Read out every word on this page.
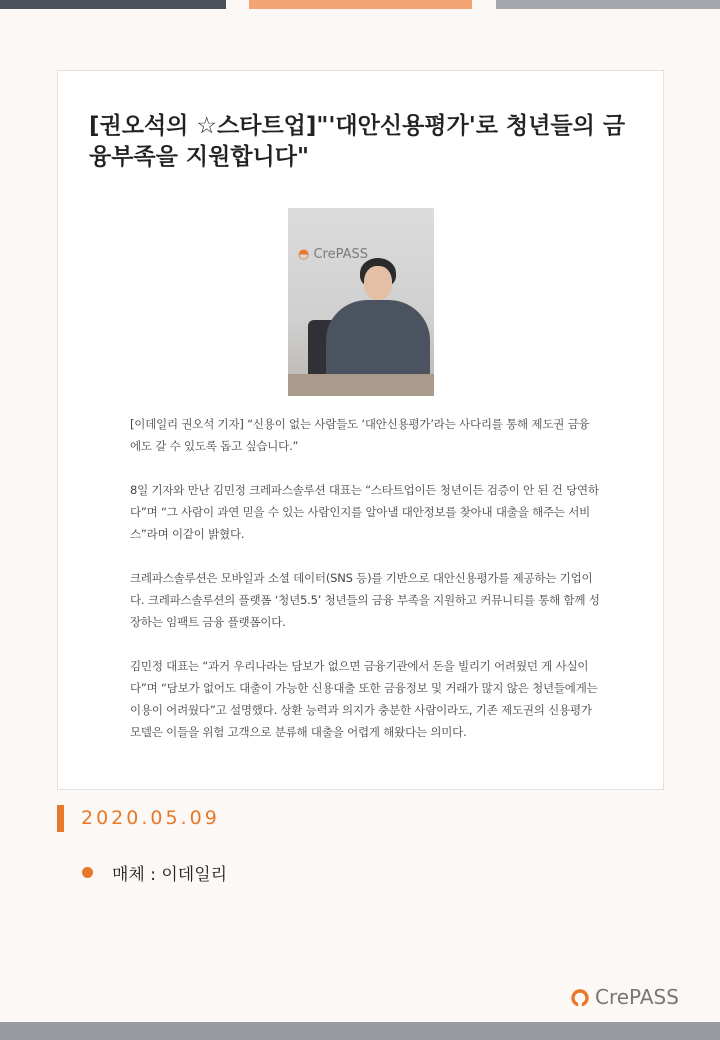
[권오석의 ☆스타트업]"'대안신용평가'로 청년들의 금융부족을 지원합니다"
◓ CrePASS

[이데일리 권오석 기자] “신용이 없는 사람들도 ‘대안신용평가’라는 사다리를 통해 제도권 금융에도 갈 수 있도록 돕고 싶습니다.”

8일 기자와 만난 김민정 크레파스솔루션 대표는 “스타트업이든 청년이든 검증이 안 된 건 당연하다”며 “그 사람이 과연 믿을 수 있는 사람인지를 알아낼 대안정보를 찾아내 대출을 해주는 서비스”라며 이같이 밝혔다.

크레파스솔루션은 모바일과 소셜 데이터(SNS 등)를 기반으로 대안신용평가를 제공하는 기업이다. 크레파스솔루션의 플랫폼 ‘청년5.5’ 청년들의 금융 부족을 지원하고 커뮤니티를 통해 함께 성장하는 임팩트 금융 플랫폼이다.

김민정 대표는 “과거 우리나라는 담보가 없으면 금융기관에서 돈을 빌리기 어려웠던 게 사실이다”며 “담보가 없어도 대출이 가능한 신용대출 또한 금융정보 및 거래가 많지 않은 청년들에게는 이용이 어려웠다”고 설명했다. 상환 능력과 의지가 충분한 사람이라도, 기존 제도권의 신용평가모델은 이들을 위험 고객으로 분류해 대출을 어렵게 해왔다는 의미다.

2020.05.09
매체 : 이데일리
CrePASS
